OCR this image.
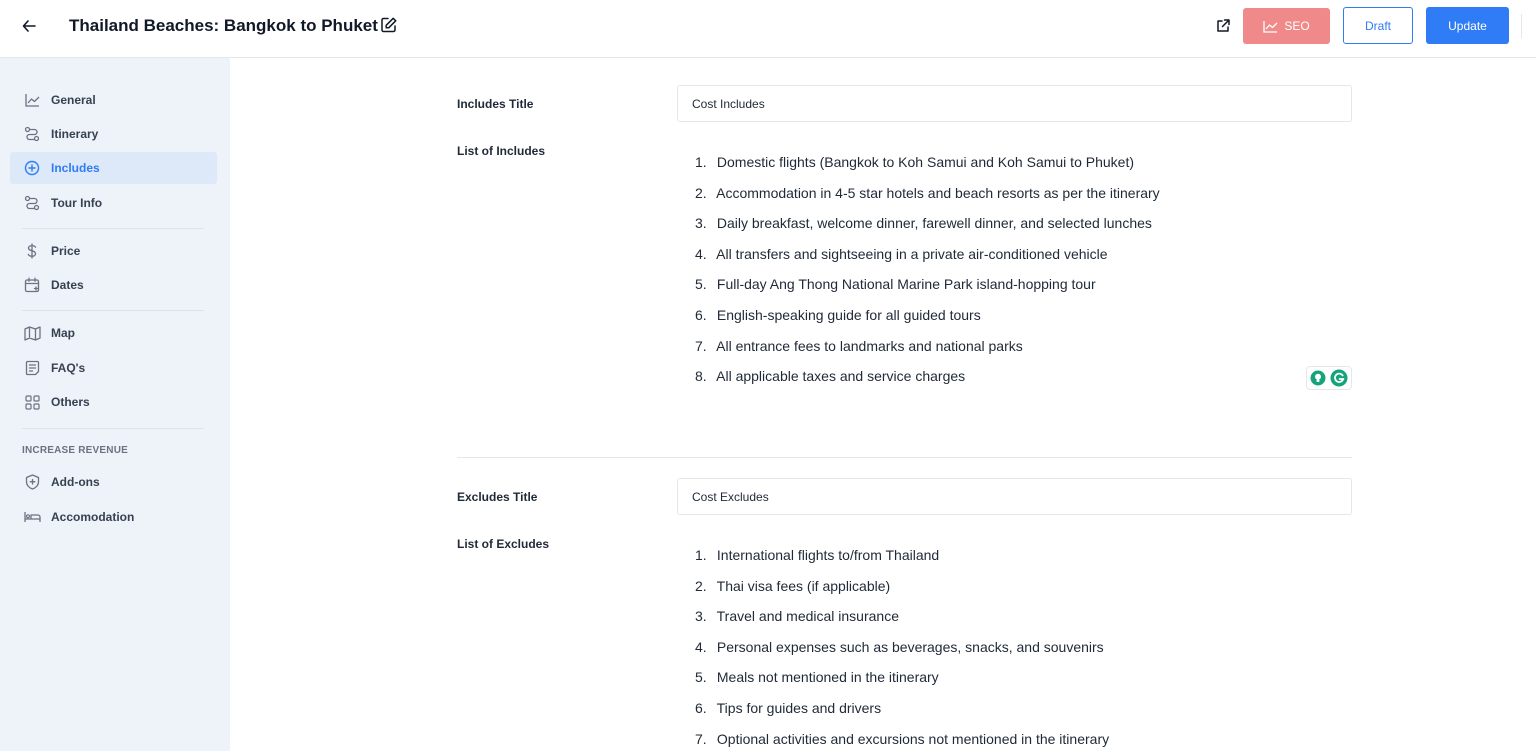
Thailand Beaches: Bangkok to Phuket	SEO	Draft	Update
General
Itinerary
Includes
Tour Info
Price
Dates
Map
FAQ's
Others
INCREASE REVENUE
Add-ons
Accomodation
Includes Title
Cost Includes
List of Includes
1. Domestic flights (Bangkok to Koh Samui and Koh Samui to Phuket)
2. Accommodation in 4-5 star hotels and beach resorts as per the itinerary
3. Daily breakfast, welcome dinner, farewell dinner, and selected lunches
4. All transfers and sightseeing in a private air-conditioned vehicle
5. Full-day Ang Thong National Marine Park island-hopping tour
6. English-speaking guide for all guided tours
7. All entrance fees to landmarks and national parks
8. All applicable taxes and service charges
Excludes Title
Cost Excludes
List of Excludes
1. International flights to/from Thailand
2. Thai visa fees (if applicable)
3. Travel and medical insurance
4. Personal expenses such as beverages, snacks, and souvenirs
5. Meals not mentioned in the itinerary
6. Tips for guides and drivers
7. Optional activities and excursions not mentioned in the itinerary
